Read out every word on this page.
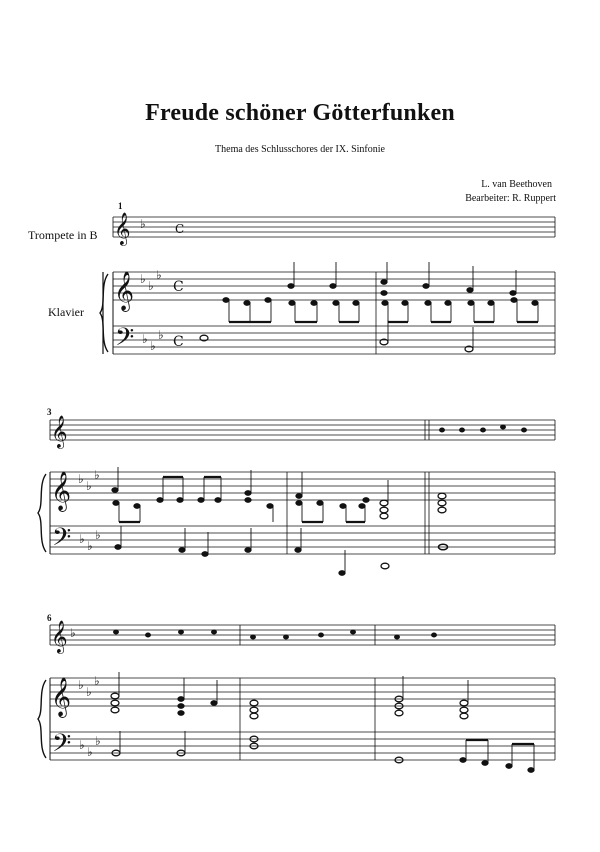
Freude schöner Götterfunken
Thema des Schlusschores der IX. Sinfonie
L. van Beethoven
Bearbeiter: R. Ruppert
Trompete in B
Klavier
1
3
6
𝄞 ♭ C
𝄞 ♭ ♭
♭
C
𝄢 ♭ ♭
♭ C
𝄞
𝄞 ♭ ♭
♭
𝄢 ♭ ♭
♭
𝄞 ♭
𝄞 ♭ ♭
♭
𝄢 ♭ ♭
♭
